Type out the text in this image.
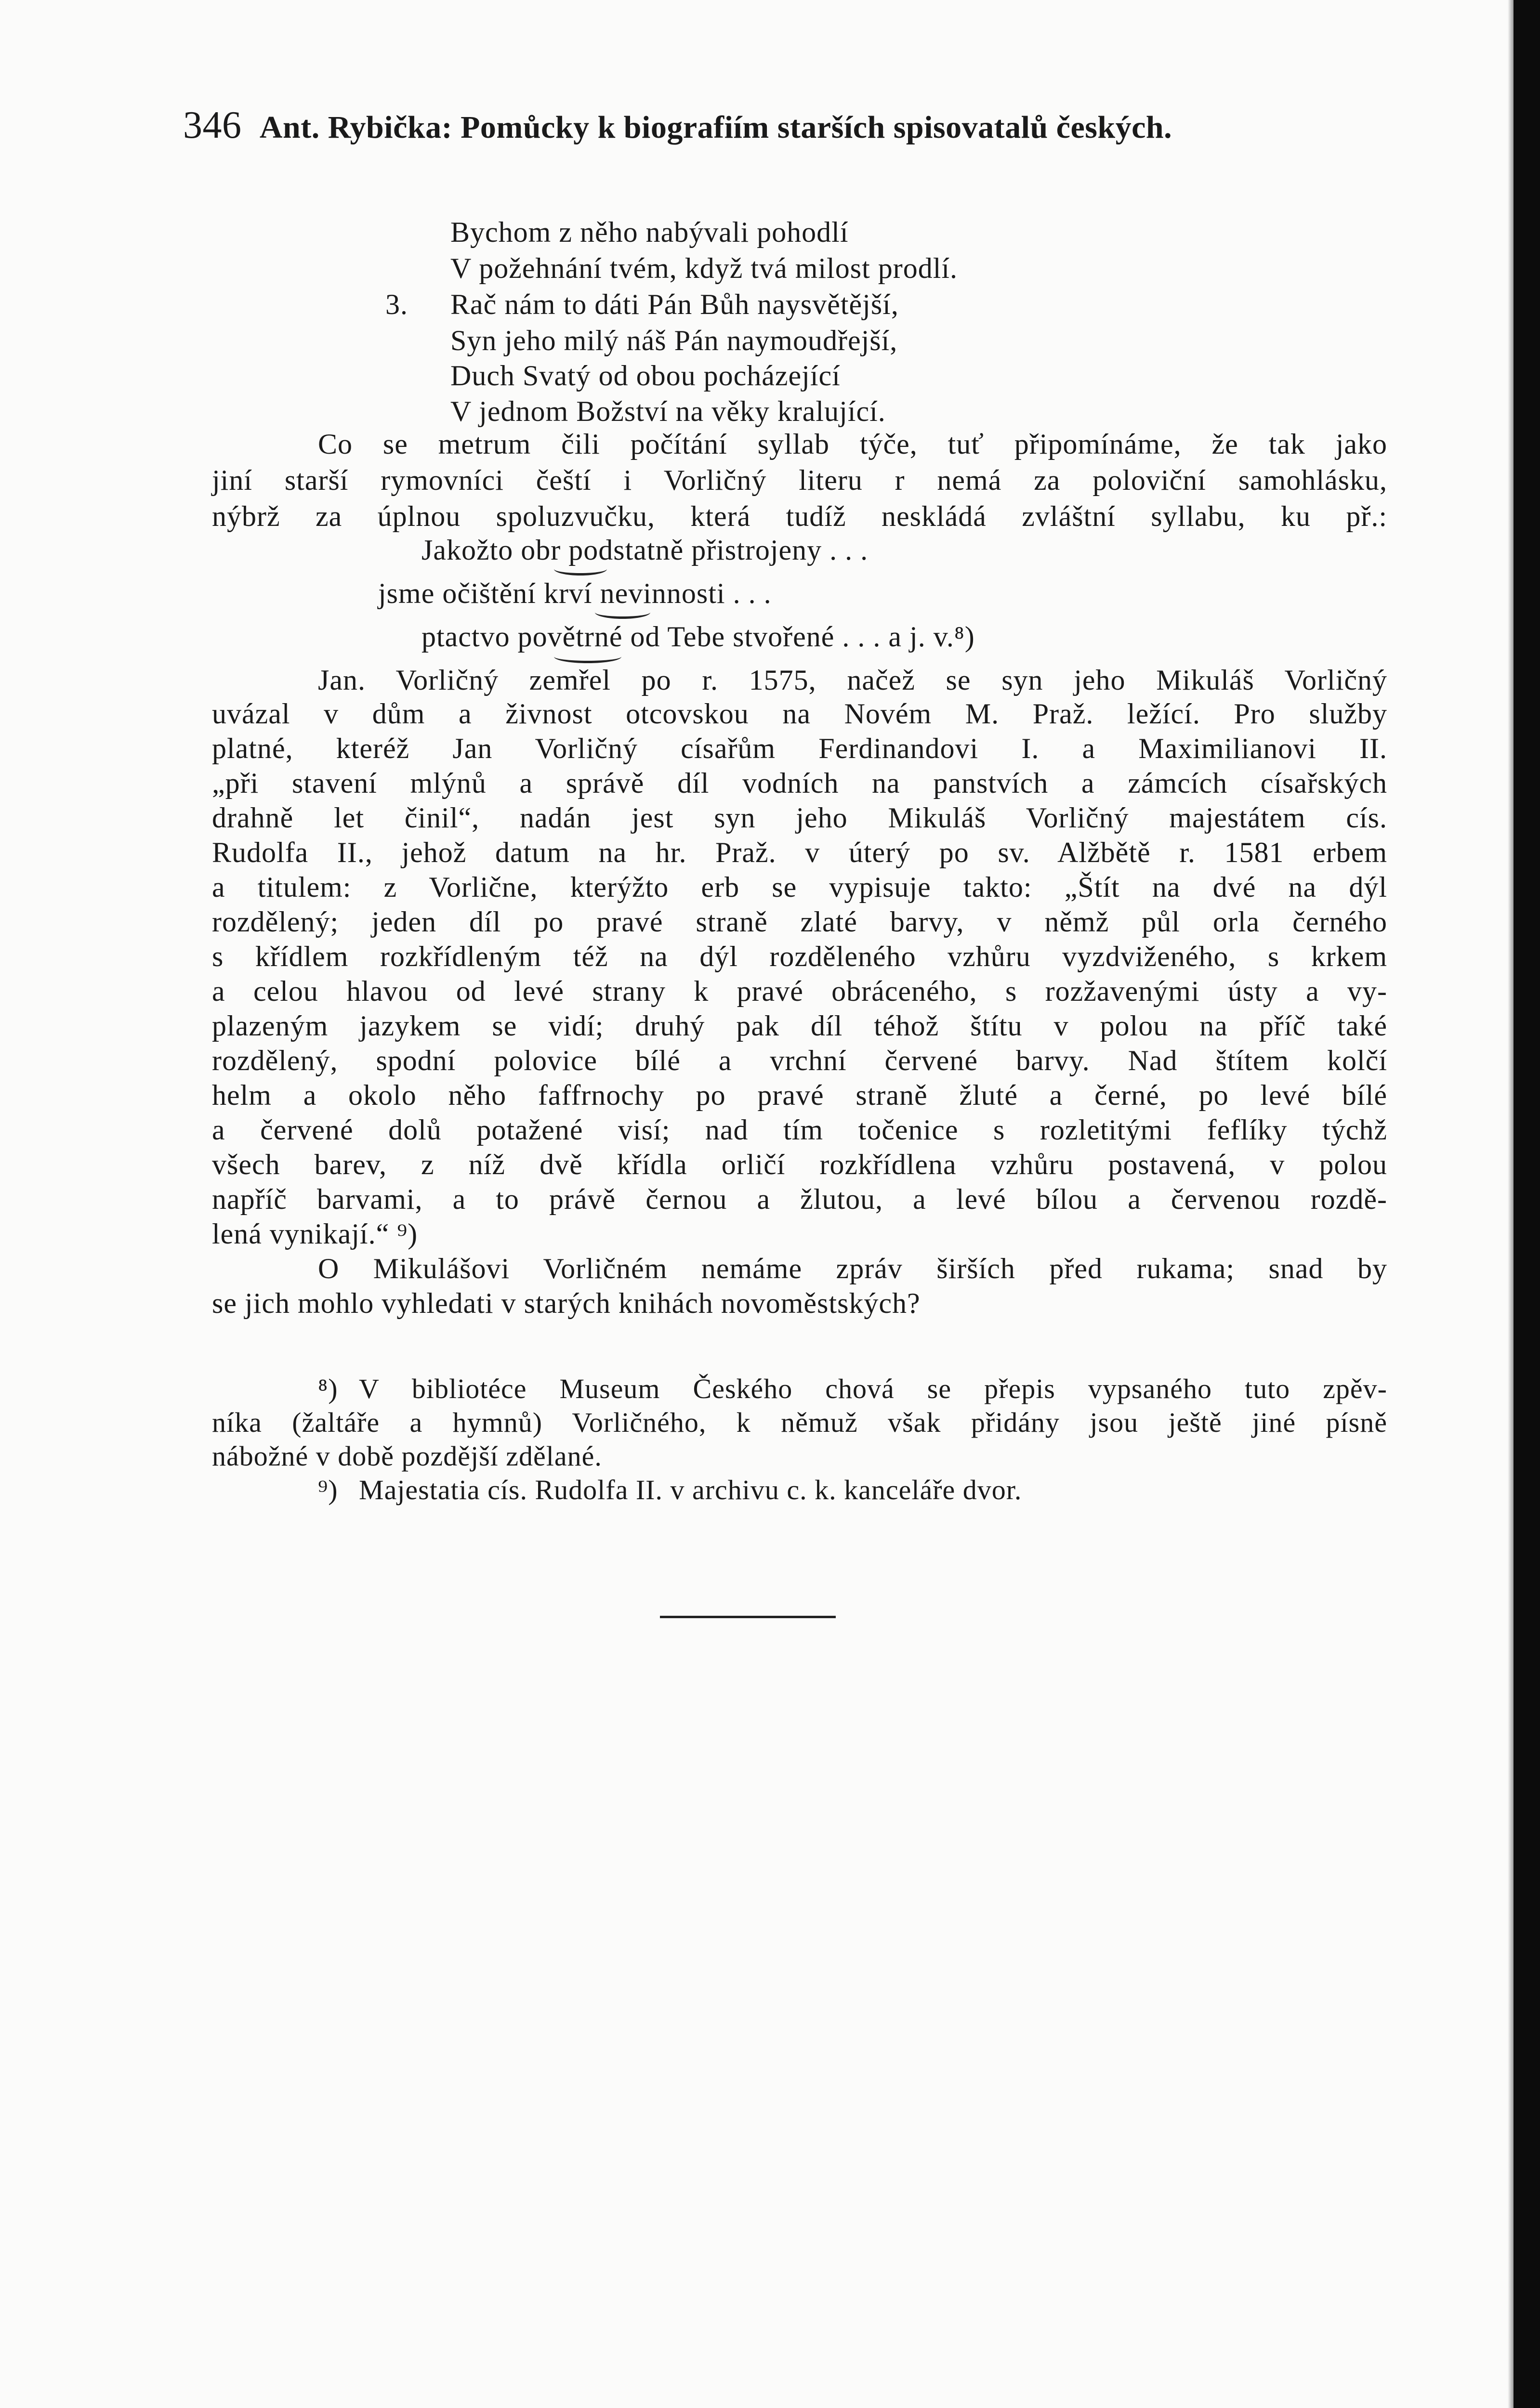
346 Ant. Rybička: Pomůcky k biografiím starších spisovatalů českých.
Bychom z něho nabývali pohodlí
V požehnání tvém, když tvá milost prodlí.
3. Rač nám to dáti Pán Bůh naysvětější,
Syn jeho milý náš Pán naymoudřejší,
Duch Svatý od obou pocházející
V jednom Božství na věky kralující.
Co se metrum čili počítání syllab týče, tuť připomínáme, že tak jako
jiní starší rymovníci čeští i Vorličný literu r nemá za poloviční samohlásku,
nýbrž za úplnou spoluzvučku, která tudíž neskládá zvláštní syllabu, ku př.:
Jakožto obr podstatně přistrojeny . . .
jsme očištění krví nevinnosti . . .
ptactvo povětrné od Tebe stvořené . . . a j. v.⁸)
Jan. Vorličný zemřel po r. 1575, načež se syn jeho Mikuláš Vorličný
uvázal v dům a živnost otcovskou na Novém M. Praž. ležící. Pro služby
platné, kteréž Jan Vorličný císařům Ferdinandovi I. a Maximilianovi II.
„při stavení mlýnů a správě díl vodních na panstvích a zámcích císařských
drahně let činil“, nadán jest syn jeho Mikuláš Vorličný majestátem cís.
Rudolfa II., jehož datum na hr. Praž. v úterý po sv. Alžbětě r. 1581 erbem
a titulem: z Vorlične, kterýžto erb se vypisuje takto: „Štít na dvé na dýl
rozdělený; jeden díl po pravé straně zlaté barvy, v němž půl orla černého
s křídlem rozkřídleným též na dýl rozděleného vzhůru vyzdviženého, s krkem
a celou hlavou od levé strany k pravé obráceného, s rozžavenými ústy a vy-
plazeným jazykem se vidí; druhý pak díl téhož štítu v polou na příč také
rozdělený, spodní polovice bílé a vrchní červené barvy. Nad štítem kolčí
helm a okolo něho faffrnochy po pravé straně žluté a černé, po levé bílé
a červené dolů potažené visí; nad tím točenice s rozletitými feflíky týchž
všech barev, z níž dvě křídla orličí rozkřídlena vzhůru postavená, v polou
napříč barvami, a to právě černou a žlutou, a levé bílou a červenou rozdě-
lená vynikají.“ ⁹)
O Mikulášovi Vorličném nemáme zpráv širších před rukama; snad by
se jich mohlo vyhledati v starých knihách novoměstských?
⁸) V bibliotéce Museum Českého chová se přepis vypsaného tuto zpěv-
níka (žaltáře a hymnů) Vorličného, k němuž však přidány jsou ještě jiné písně
nábožné v době pozdější zdělané.
⁹) Majestatia cís. Rudolfa II. v archivu c. k. kanceláře dvor.
